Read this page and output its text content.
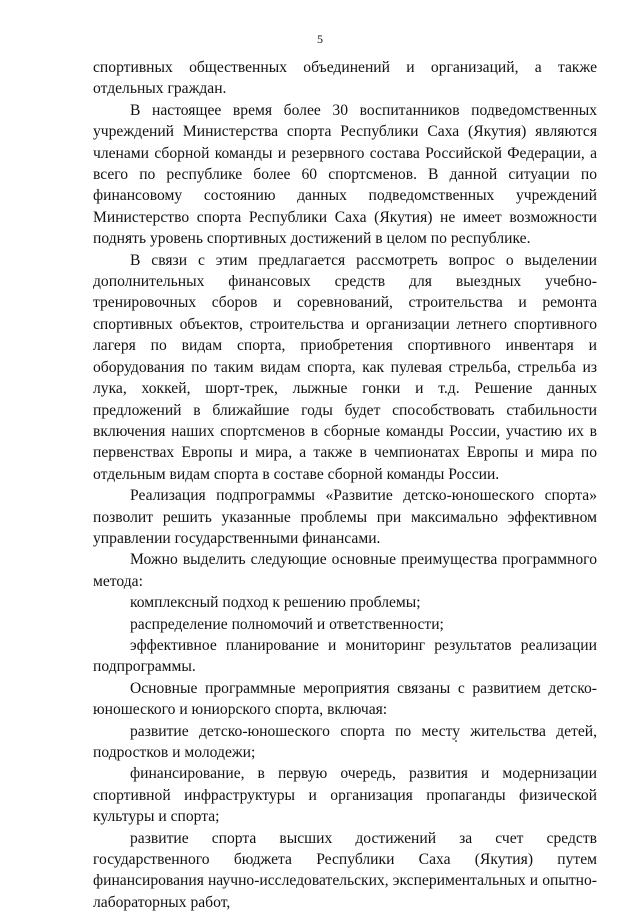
5

спортивных общественных объединений и организаций, а также отдельных граждан.

В настоящее время более 30 воспитанников подведомственных учреждений Министерства спорта Республики Саха (Якутия) являются членами сборной команды и резервного состава Российской Федерации, а всего по республике более 60 спортсменов. В данной ситуации по финансовому состоянию данных подведомственных учреждений Министерство спорта Республики Саха (Якутия) не имеет возможности поднять уровень спортивных достижений в целом по республике.

В связи с этим предлагается рассмотреть вопрос о выделении дополнительных финансовых средств для выездных учебно-тренировочных сборов и соревнований, строительства и ремонта спортивных объектов, строительства и организации летнего спортивного лагеря по видам спорта, приобретения спортивного инвентаря и оборудования по таким видам спорта, как пулевая стрельба, стрельба из лука, хоккей, шорт-трек, лыжные гонки и т.д. Решение данных предложений в ближайшие годы будет способствовать стабильности включения наших спортсменов в сборные команды России, участию их в первенствах Европы и мира, а также в чемпионатах Европы и мира по отдельным видам спорта в составе сборной команды России.

Реализация подпрограммы «Развитие детско-юношеского спорта» позволит решить указанные проблемы при максимально эффективном управлении государственными финансами.

Можно выделить следующие основные преимущества программного метода:

комплексный подход к решению проблемы;

распределение полномочий и ответственности;

эффективное планирование и мониторинг результатов реализации подпрограммы.

Основные программные мероприятия связаны с развитием детско-юношеского и юниорского спорта, включая:

развитие детско-юношеского спорта по месту жительства детей, подростков и молодежи;

финансирование, в первую очередь, развития и модернизации спортивной инфраструктуры и организация пропаганды физической культуры и спорта;

развитие спорта высших достижений за счет средств государственного бюджета Республики Саха (Якутия) путем финансирования научно-исследовательских, экспериментальных и опытно-лабораторных работ,
